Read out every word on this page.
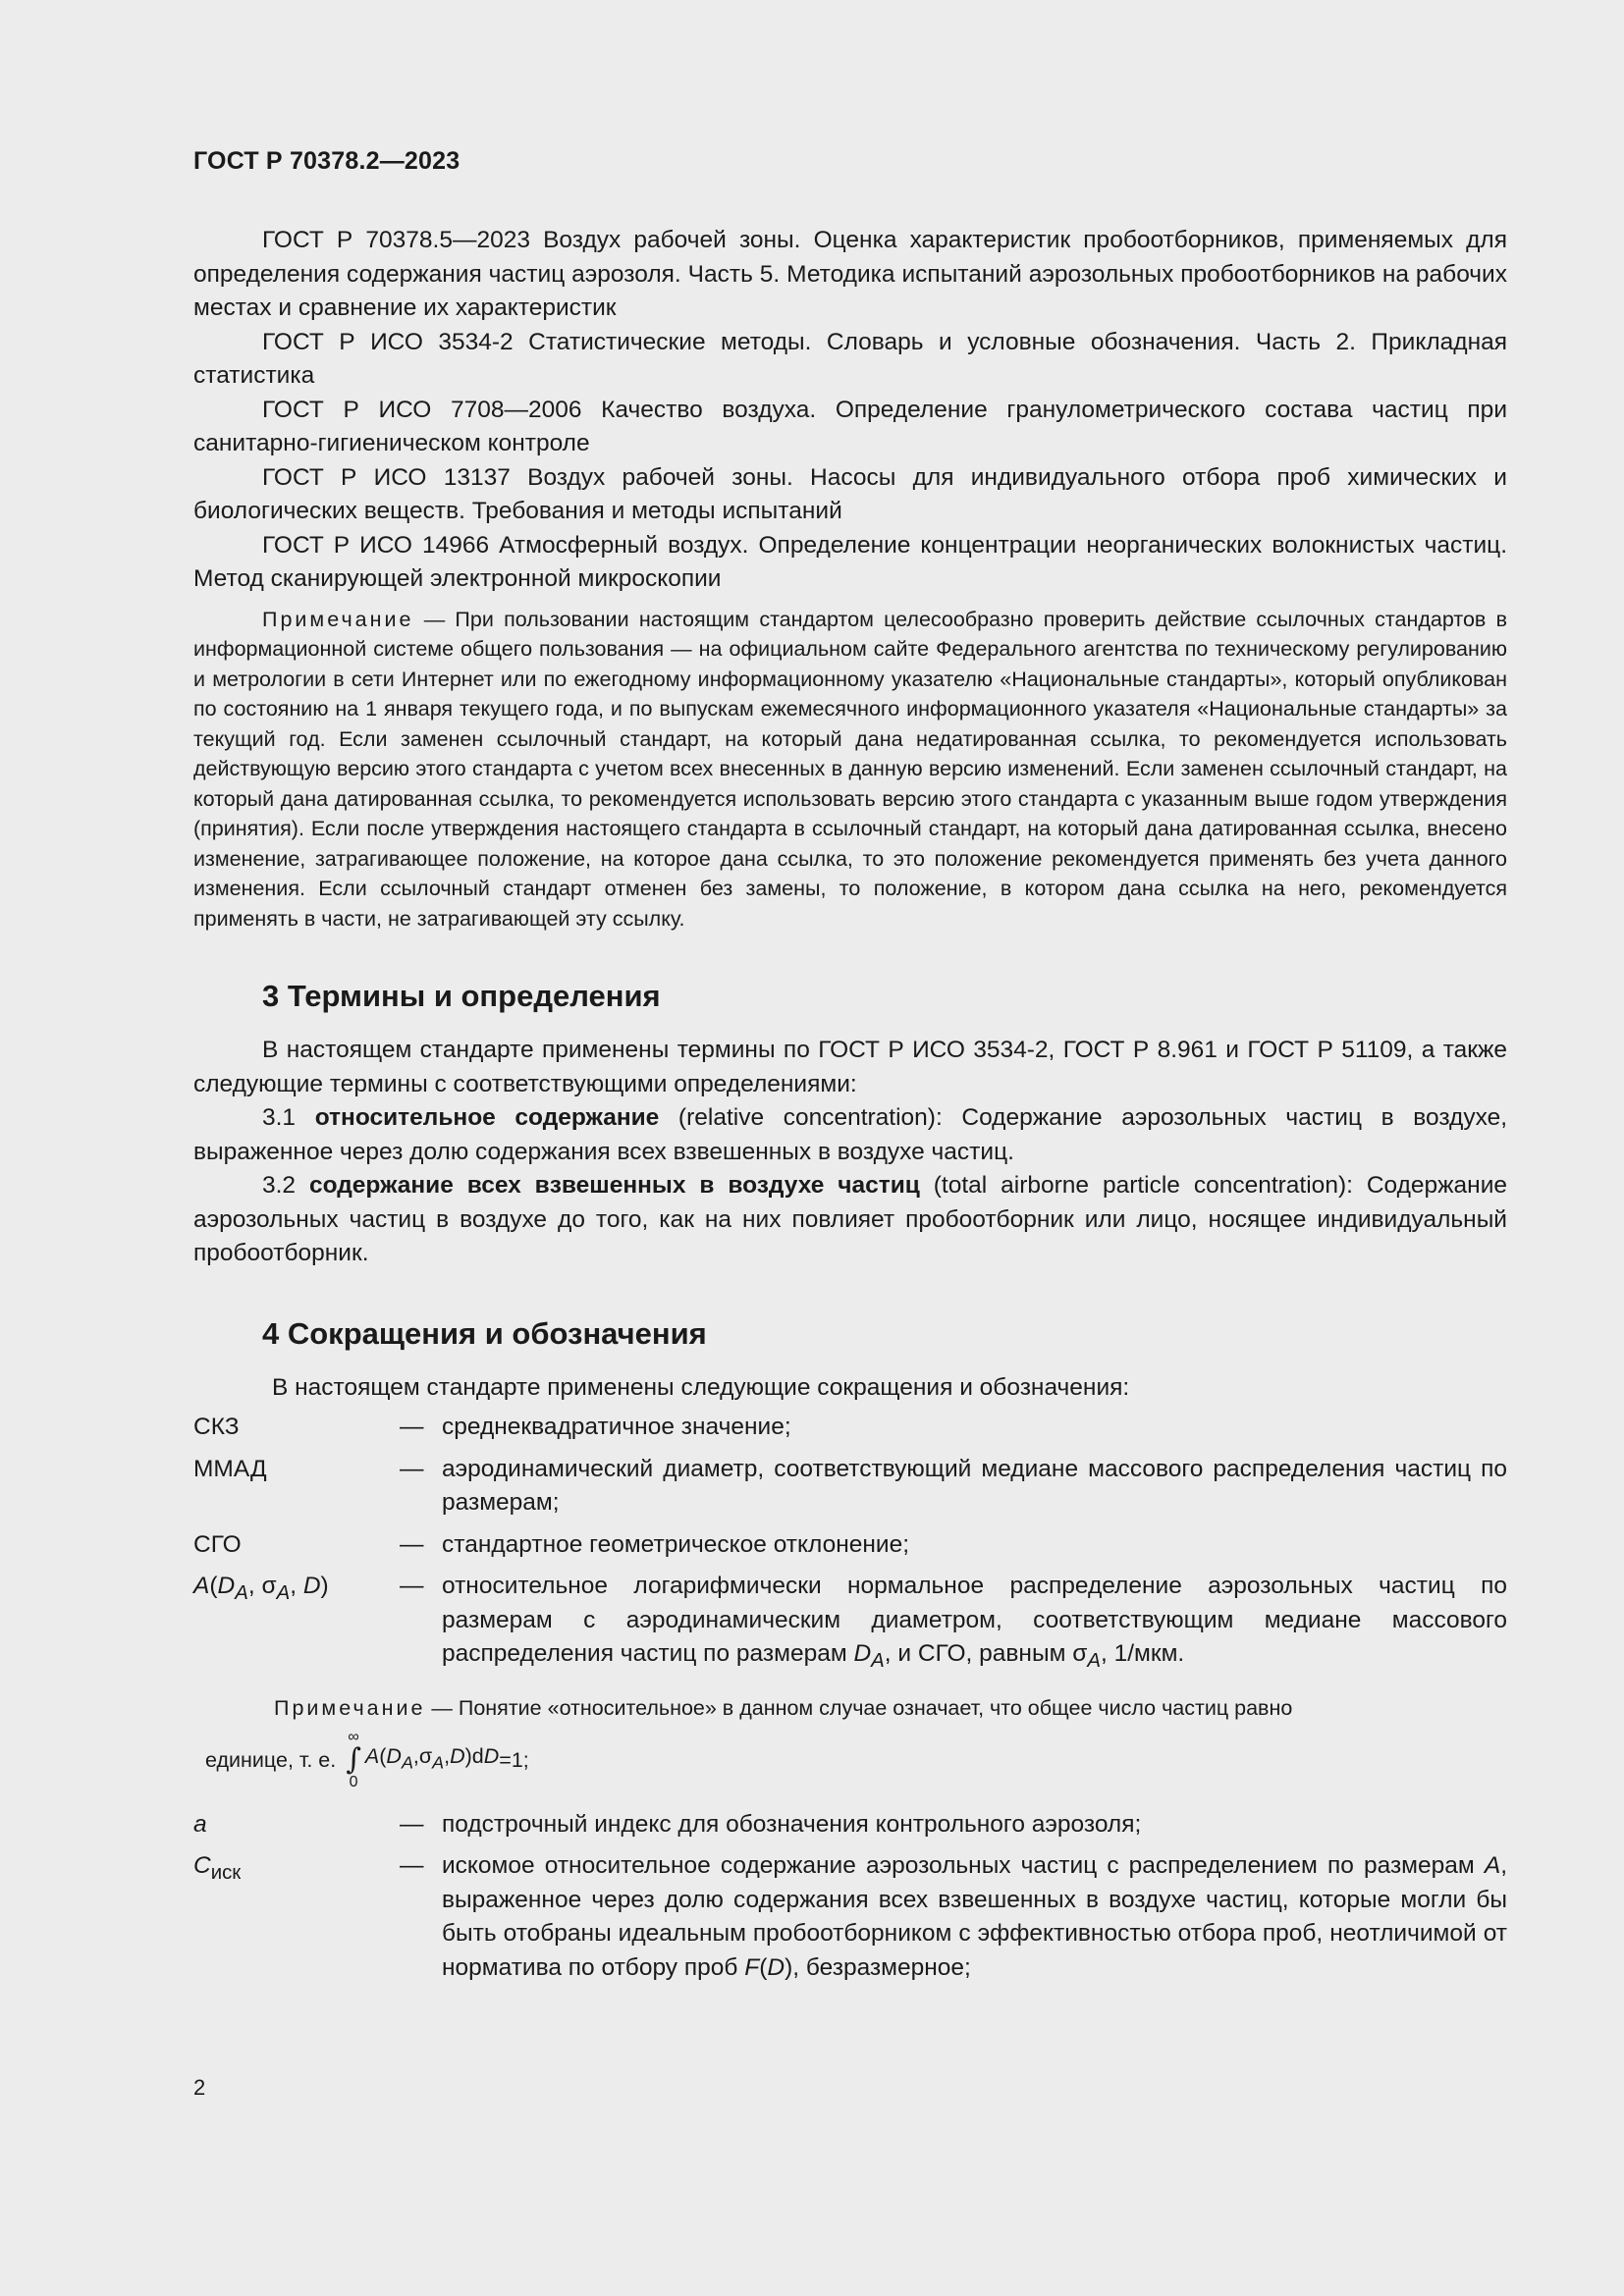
ГОСТ Р 70378.2—2023

ГОСТ Р 70378.5—2023 Воздух рабочей зоны. Оценка характеристик пробоотборников, применяемых для определения содержания частиц аэрозоля. Часть 5. Методика испытаний аэрозольных пробоотборников на рабочих местах и сравнение их характеристик

ГОСТ Р ИСО 3534-2 Статистические методы. Словарь и условные обозначения. Часть 2. Прикладная статистика

ГОСТ Р ИСО 7708—2006 Качество воздуха. Определение гранулометрического состава частиц при санитарно-гигиеническом контроле

ГОСТ Р ИСО 13137 Воздух рабочей зоны. Насосы для индивидуального отбора проб химических и биологических веществ. Требования и методы испытаний

ГОСТ Р ИСО 14966 Атмосферный воздух. Определение концентрации неорганических волокнистых частиц. Метод сканирующей электронной микроскопии

Примечание — При пользовании настоящим стандартом целесообразно проверить действие ссылочных стандартов в информационной системе общего пользования — на официальном сайте Федерального агентства по техническому регулированию и метрологии в сети Интернет или по ежегодному информационному указателю «Национальные стандарты», который опубликован по состоянию на 1 января текущего года, и по выпускам ежемесячного информационного указателя «Национальные стандарты» за текущий год. Если заменен ссылочный стандарт, на который дана недатированная ссылка, то рекомендуется использовать действующую версию этого стандарта с учетом всех внесенных в данную версию изменений. Если заменен ссылочный стандарт, на который дана датированная ссылка, то рекомендуется использовать версию этого стандарта с указанным выше годом утверждения (принятия). Если после утверждения настоящего стандарта в ссылочный стандарт, на который дана датированная ссылка, внесено изменение, затрагивающее положение, на которое дана ссылка, то это положение рекомендуется применять без учета данного изменения. Если ссылочный стандарт отменен без замены, то положение, в котором дана ссылка на него, рекомендуется применять в части, не затрагивающей эту ссылку.
3 Термины и определения

В настоящем стандарте применены термины по ГОСТ Р ИСО 3534-2, ГОСТ Р 8.961 и ГОСТ Р 51109, а также следующие термины с соответствующими определениями:

3.1 относительное содержание (relative concentration): Содержание аэрозольных частиц в воздухе, выраженное через долю содержания всех взвешенных в воздухе частиц.

3.2 содержание всех взвешенных в воздухе частиц (total airborne particle concentration): Содержание аэрозольных частиц в воздухе до того, как на них повлияет пробоотборник или лицо, носящее индивидуальный пробоотборник.

4 Сокращения и обозначения
В настоящем стандарте применены следующие сокращения и обозначения:
СКЗ	— среднеквадратичное значение;
ММАД	— аэродинамический диаметр, соответствующий медиане массового распределения частиц по размерам;
СГО	— стандартное геометрическое отклонение;
$A(D_A$, $\sigma_A$, D)	— относительное логарифмически нормальное распределение аэрозольных частиц по размерам с аэродинамическим диаметром, соответствующим медиане массового распределения частиц по размерам $D_A$, и СГО, равным $\sigma_A$, 1/мкм.
Примечание — Понятие «относительное» в данном случае означает, что общее число частиц равно
единице, т. е.
∞
∫
0
$A(D_A,\sigma_A,D)dD =1$;
a	— подстрочный индекс для обозначения контрольного аэрозоля;
$C_{иск}$	— искомое относительное содержание аэрозольных частиц с распределением по размерам A, выраженное через долю содержания всех взвешенных в воздухе частиц, которые могли бы быть отобраны идеальным пробоотборником с эффективностью отбора проб, неотличимой от норматива по отбору проб F(D), безразмерное;
2
